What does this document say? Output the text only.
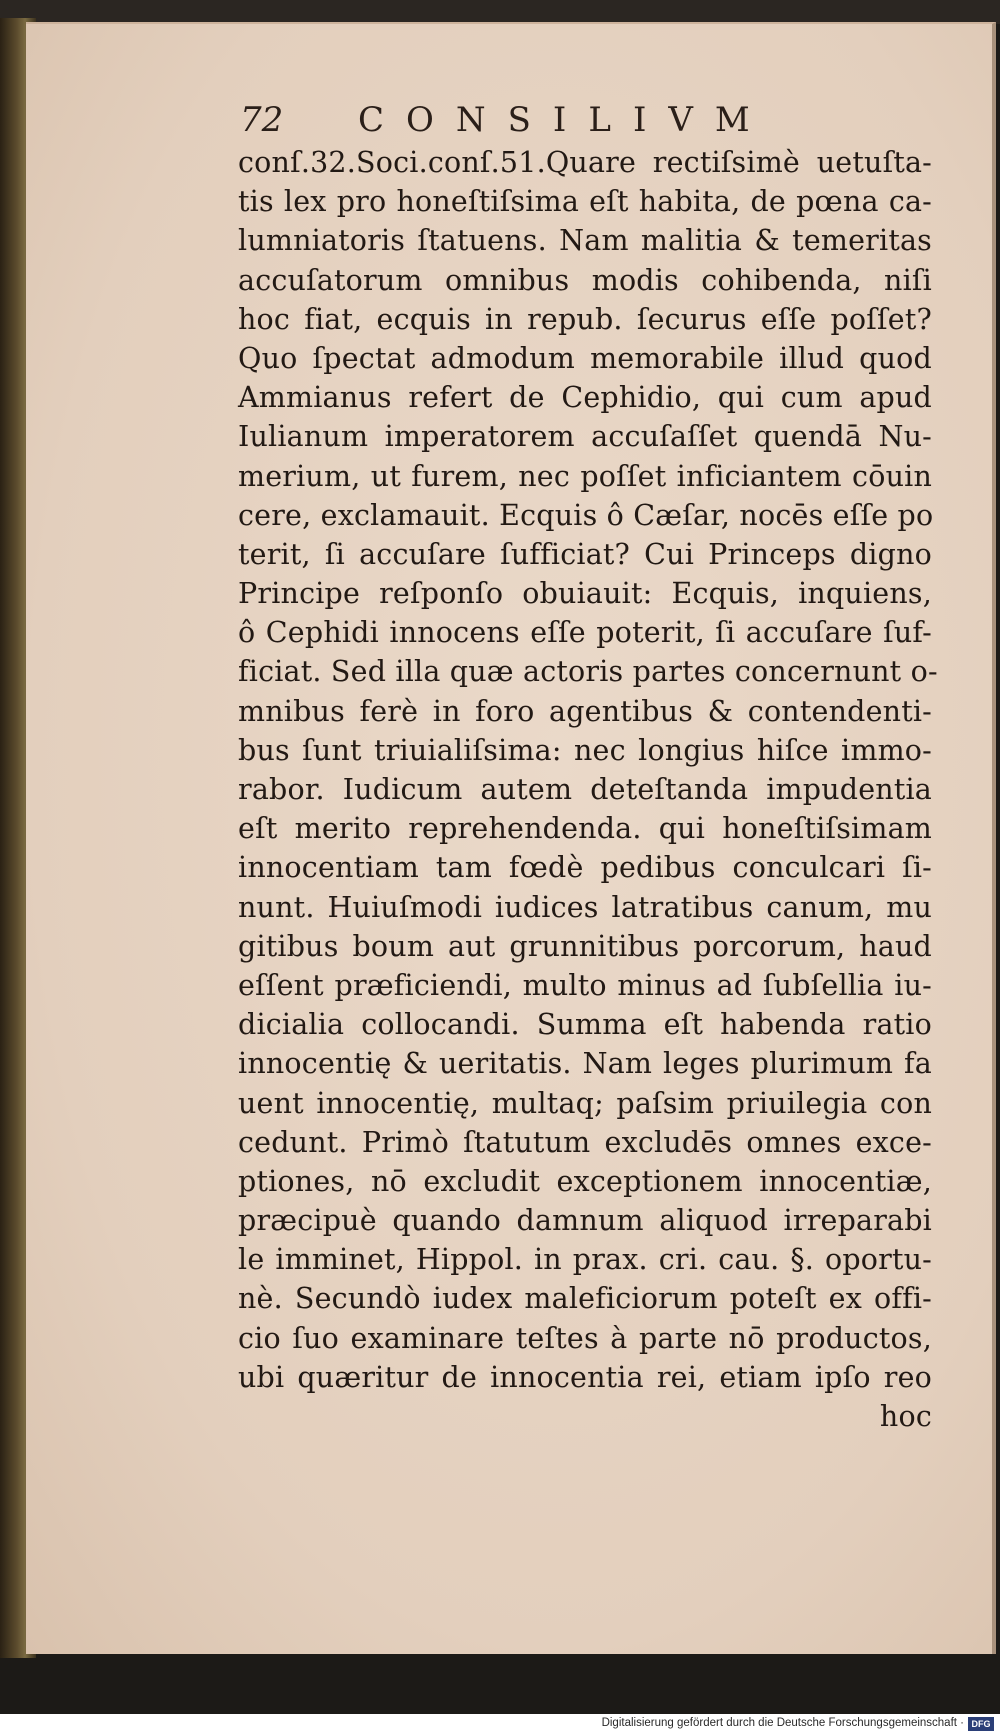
72 CONSILIVM
conſ.32.Soci.conſ.51.Quare rectiſsimè uetuſta-
tis lex pro honeſtiſsima eſt habita, de pœna ca-
lumniatoris ſtatuens. Nam malitia & temeritas
accuſatorum omnibus modis cohibenda, niſi
hoc fiat, ecquis in repub. ſecurus eſſe poſſet?
Quo ſpectat admodum memorabile illud quod
Ammianus refert de Cephidio, qui cum apud
Iulianum imperatorem accuſaſſet quendā Nu-
merium, ut furem, nec poſſet inficiantem cōuin
cere, exclamauit. Ecquis ô Cæſar, nocēs eſſe po
terit, ſi accuſare ſufficiat? Cui Princeps digno
Principe reſponſo obuiauit: Ecquis, inquiens,
ô Cephidi innocens eſſe poterit, ſi accuſare ſuf-
ficiat. Sed illa quæ actoris partes concernunt o-
mnibus ferè in foro agentibus & contendenti-
bus ſunt triuialiſsima: nec longius hiſce immo-
rabor. Iudicum autem deteſtanda impudentia
eſt merito reprehendenda. qui honeſtiſsimam
innocentiam tam fœdè pedibus conculcari ſi-
nunt. Huiuſmodi iudices latratibus canum, mu
gitibus boum aut grunnitibus porcorum, haud
eſſent præficiendi, multo minus ad ſubſellia iu-
dicialia collocandi. Summa eſt habenda ratio
innocentię & ueritatis. Nam leges plurimum fa
uent innocentię, multaq; paſsim priuilegia con
cedunt. Primò ſtatutum excludēs omnes exce-
ptiones, nō excludit exceptionem innocentiæ,
præcipuè quando damnum aliquod irreparabi
le imminet, Hippol. in prax. cri. cau. §. oportu-
nè. Secundò iudex maleficiorum poteſt ex offi-
cio ſuo examinare teſtes à parte nō productos,
ubi quæritur de innocentia rei, etiam ipſo reo
hoc
Digitalisierung gefördert durch die Deutsche Forschungsgemeinschaft · DFG
